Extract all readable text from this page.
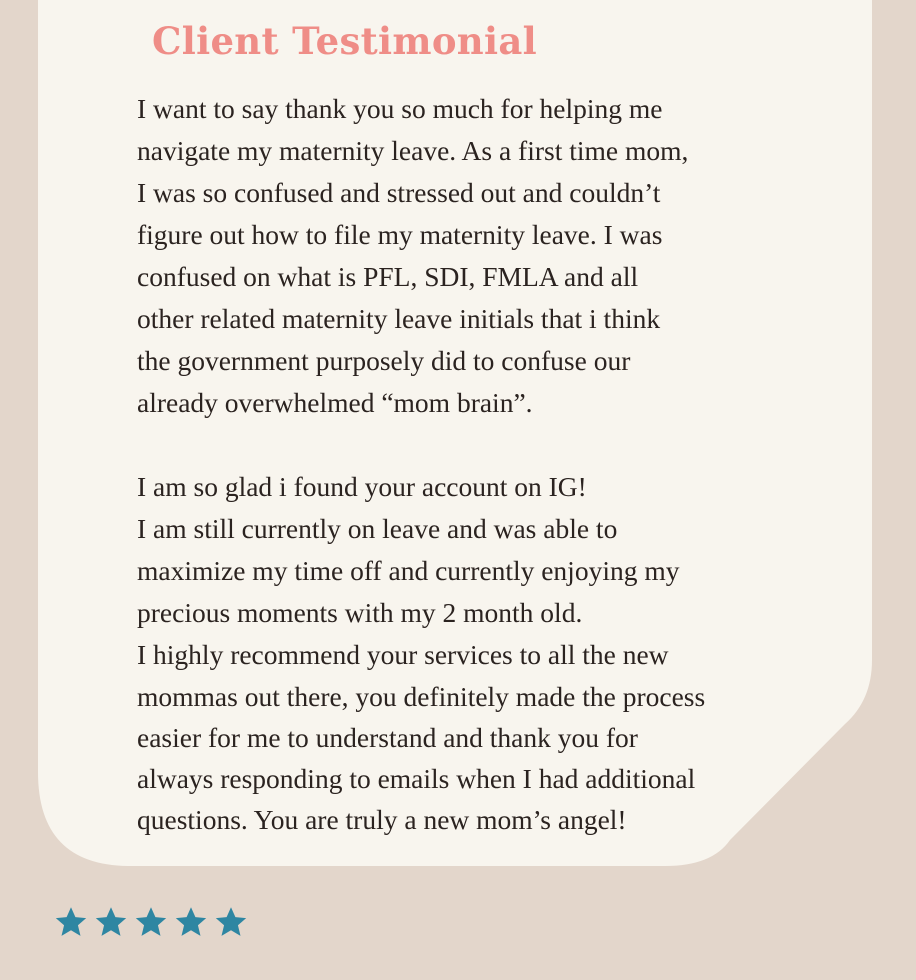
Client Testimonial
I want to say thank you so much for helping me
navigate my maternity leave. As a first time mom,
I was so confused and stressed out and couldn’t
figure out how to file my maternity leave. I was
confused on what is PFL, SDI, FMLA and all
other related maternity leave initials that i think
the government purposely did to confuse our
already overwhelmed “mom brain”.
I am so glad i found your account on IG!
I am still currently on leave and was able to
maximize my time off and currently enjoying my
precious moments with my 2 month old.
I highly recommend your services to all the new
mommas out there, you definitely made the process
easier for me to understand and thank you for
always responding to emails when I had additional
questions. You are truly a new mom’s angel!
